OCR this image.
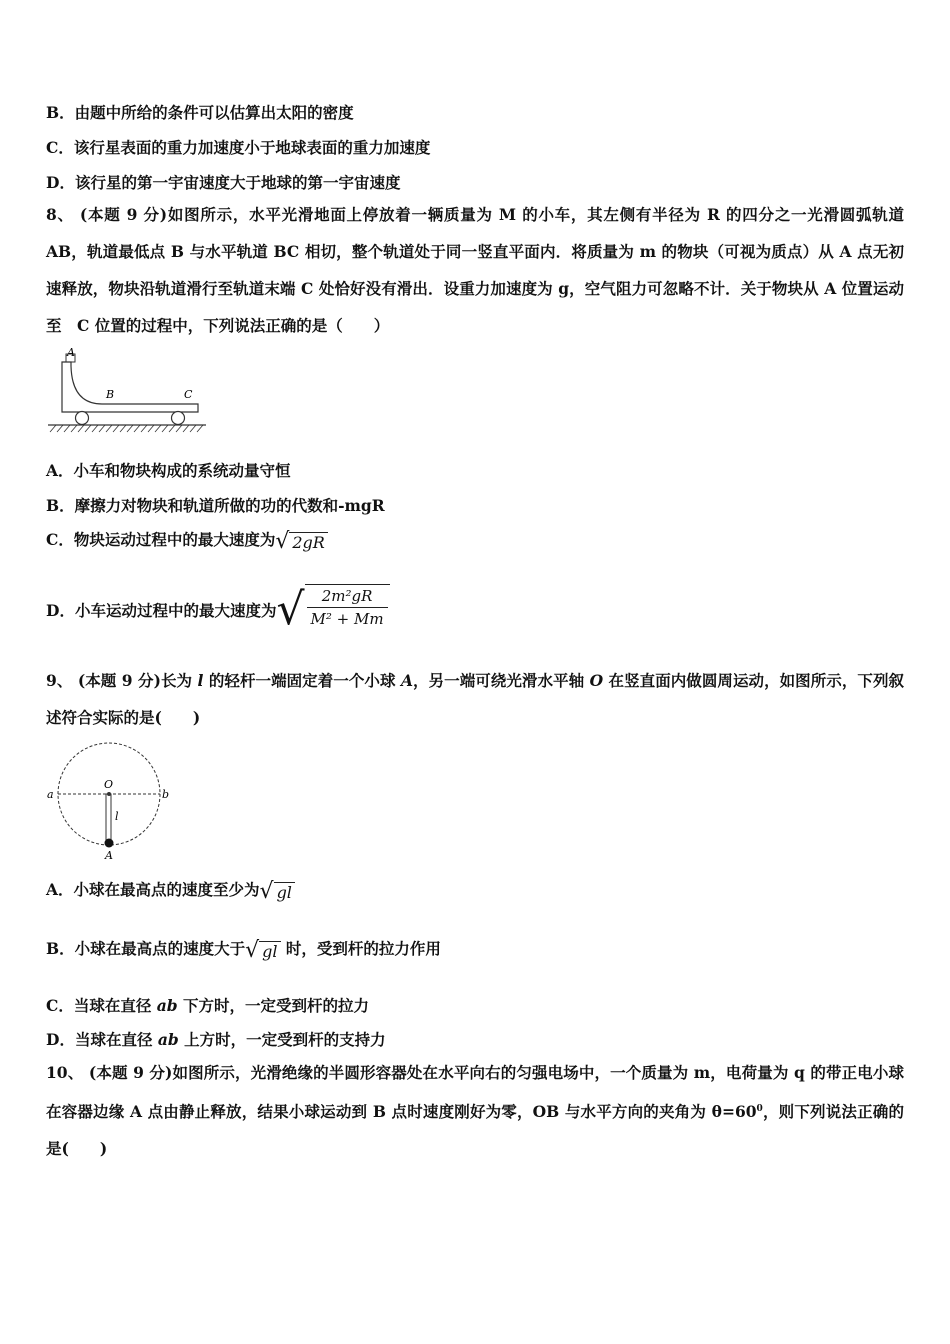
B．由题中所给的条件可以估算出太阳的密度
C．该行星表面的重力加速度小于地球表面的重力加速度
D．该行星的第一宇宙速度大于地球的第一宇宙速度
8、 (本题 9 分)如图所示，水平光滑地面上停放着一辆质量为 M 的小车，其左侧有半径为 R 的四分之一光滑圆弧轨道 AB，轨道最低点 B 与水平轨道 BC 相切，整个轨道处于同一竖直平面内．将质量为 m 的物块（可视为质点）从 A 点无初速释放，物块沿轨道滑行至轨道末端 C 处恰好没有滑出．设重力加速度为 g，空气阻力可忽略不计．关于物块从 A 位置运动至　C 位置的过程中，下列说法正确的是（　　）
A
B	C
A．小车和物块构成的系统动量守恒
B．摩擦力对物块和轨道所做的功的代数和-mgR
C．物块运动过程中的最大速度为√ 2gR
D．小车运动过程中的最大速度为 √ $\frac{\text{2m²gR}}{\text{M² + Mm}}$
9、 (本题 9 分)长为 l 的轻杆一端固定着一个小球 A，另一端可绕光滑水平轴 O 在竖直面内做圆周运动，如图所示，下列叙述符合实际的是(　　)
O
a	b
l
A
A．小球在最高点的速度至少为√ gl
B．小球在最高点的速度大于√ gl 时，受到杆的拉力作用
C．当球在直径 ab 下方时，一定受到杆的拉力
D．当球在直径 ab 上方时，一定受到杆的支持力
10、 (本题 9 分)如图所示，光滑绝缘的半圆形容器处在水平向右的匀强电场中，一个质量为 m，电荷量为 q 的带正电小球在容器边缘 A 点由静止释放，结果小球运动到 B 点时速度刚好为零，OB 与水平方向的夹角为 $\theta=60^0$，则下列说法正确的是(　　)
